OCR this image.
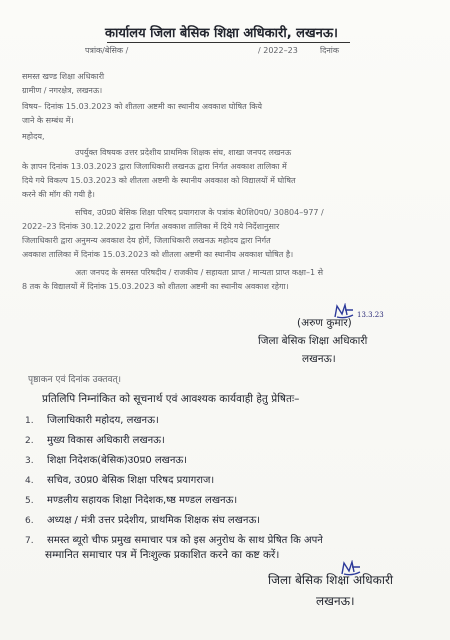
कार्यालय जिला बेसिक शिक्षा अधिकारी, लखनऊ।
पत्रांक/बेसिक /	/ 2022–23	दिनांक
समस्त खण्ड शिक्षा अधिकारी
ग्रामीण / नगरक्षेत्र, लखनऊ।
विषय– दिनांक 15.03.2023 को शीतला अष्टमी का स्थानीय अवकाश घोषित किये
जाने के सम्बंध में।
महोदय,
उपर्युक्त विषयक उत्तर प्रदेशीय प्राथमिक शिक्षक संघ, शाखा जनपद लखनऊ
के ज्ञापन दिनांक 13.03.2023 द्वारा जिलाधिकारी लखनऊ द्वारा निर्गत अवकाश तालिका में
दिये गये विकल्प 15.03.2023 को शीतला अष्टमी के स्थानीय अवकाश को विद्यालयों में घोषित
करने की मॉग की गयी है।
सचिव, उ0प्र0 बेसिक शिक्षा परिषद प्रयागराज के पत्रांक बे0शि0प0/ 30804–977 /
2022–23 दिनांक 30.12.2022 द्वारा निर्गत अवकाश तालिका में दिये गये निर्देशानुसार
जिलाधिकारी द्वारा अनुमन्य अवकाश देय होगें, जिलाधिकारी लखनऊ महोदय द्वारा निर्गत
अवकाश तालिका में दिनांक 15.03.2023 को शीतला अष्टमी का स्थानीय अवकाश घोषित है।
अतः जनपद के समस्त परिषदीय / राजकीय / सहायता प्राप्त / मान्यता प्राप्त कक्षा–1 से
8 तक के विद्यालयों में दिनांक 15.03.2023 को शीतला अष्टमी का स्थानीय अवकाश रहेगा।
13.3.23
(अरुण कुमार)
जिला बेसिक शिक्षा अधिकारी
लखनऊ।
पृष्ठाकन एवं दिनांक उक्तवत्।
प्रतिलिपि निम्नांकित को सूचनार्थ एवं आवश्यक कार्यवाही हेतु प्रेषितः–
1. जिलाधिकारी महोदय, लखनऊ।
2. मुख्य विकास अधिकारी लखनऊ।
3. शिक्षा निदेशक(बेसिक)उ0प्र0 लखनऊ।
4. सचिव, उ0प्र0 बेसिक शिक्षा परिषद प्रयागराज।
5. मण्डलीय सहायक शिक्षा निदेशक,ष्ष्ठ मण्डल लखनऊ।
6. अध्यक्ष / मंत्री उत्तर प्रदेशीय, प्राथमिक शिक्षक संघ लखनऊ।
7. समस्त ब्यूरो चीफ प्रमुख समाचार पत्र को इस अनुरोध के साथ प्रेषित कि अपने
सम्मानित समाचार पत्र में निःशुल्क प्रकाशित करने का कष्ट करें।
जिला बेसिक शिक्षा अधिकारी
लखनऊ।
